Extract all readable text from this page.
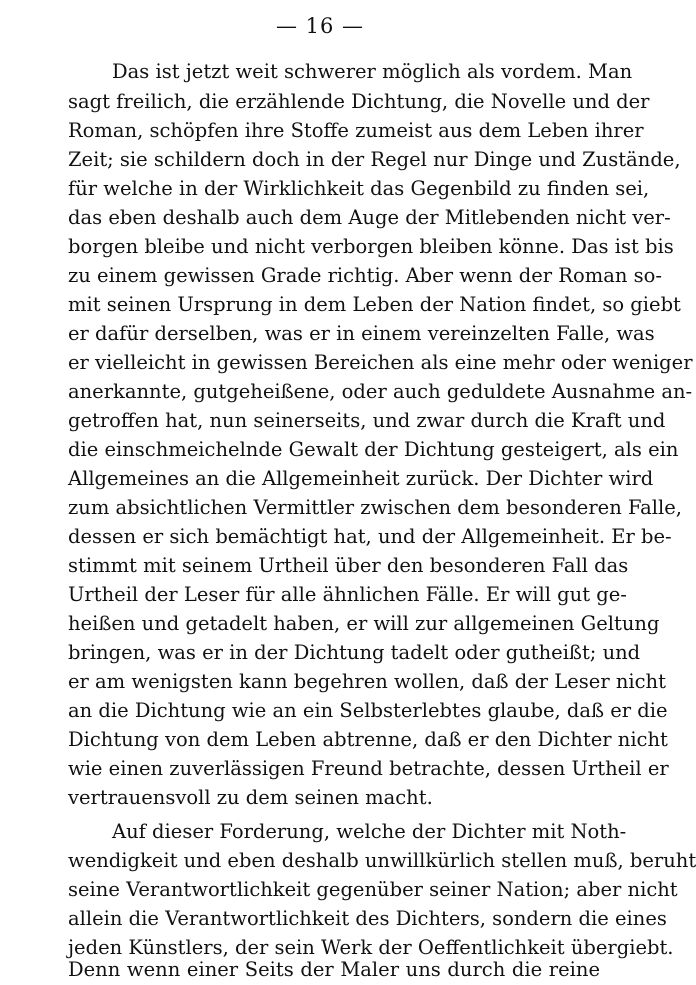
— 16 —
Das ist jetzt weit schwerer möglich als vordem. Man
sagt freilich, die erzählende Dichtung, die Novelle und der
Roman, schöpfen ihre Stoffe zumeist aus dem Leben ihrer
Zeit; sie schildern doch in der Regel nur Dinge und Zustände,
für welche in der Wirklichkeit das Gegenbild zu finden sei,
das eben deshalb auch dem Auge der Mitlebenden nicht ver-
borgen bleibe und nicht verborgen bleiben könne. Das ist bis
zu einem gewissen Grade richtig. Aber wenn der Roman so-
mit seinen Ursprung in dem Leben der Nation findet, so giebt
er dafür derselben, was er in einem vereinzelten Falle, was
er vielleicht in gewissen Bereichen als eine mehr oder weniger
anerkannte, gutgeheißene, oder auch geduldete Ausnahme an-
getroffen hat, nun seinerseits, und zwar durch die Kraft und
die einschmeichelnde Gewalt der Dichtung gesteigert, als ein
Allgemeines an die Allgemeinheit zurück. Der Dichter wird
zum absichtlichen Vermittler zwischen dem besonderen Falle,
dessen er sich bemächtigt hat, und der Allgemeinheit. Er be-
stimmt mit seinem Urtheil über den besonderen Fall das
Urtheil der Leser für alle ähnlichen Fälle. Er will gut ge-
heißen und getadelt haben, er will zur allgemeinen Geltung
bringen, was er in der Dichtung tadelt oder gutheißt; und
er am wenigsten kann begehren wollen, daß der Leser nicht
an die Dichtung wie an ein Selbsterlebtes glaube, daß er die
Dichtung von dem Leben abtrenne, daß er den Dichter nicht
wie einen zuverlässigen Freund betrachte, dessen Urtheil er
vertrauensvoll zu dem seinen macht.
Auf dieser Forderung, welche der Dichter mit Noth-
wendigkeit und eben deshalb unwillkürlich stellen muß, beruht
seine Verantwortlichkeit gegenüber seiner Nation; aber nicht
allein die Verantwortlichkeit des Dichters, sondern die eines
jeden Künstlers, der sein Werk der Oeffentlichkeit übergiebt.
Denn wenn einer Seits der Maler uns durch die reine
